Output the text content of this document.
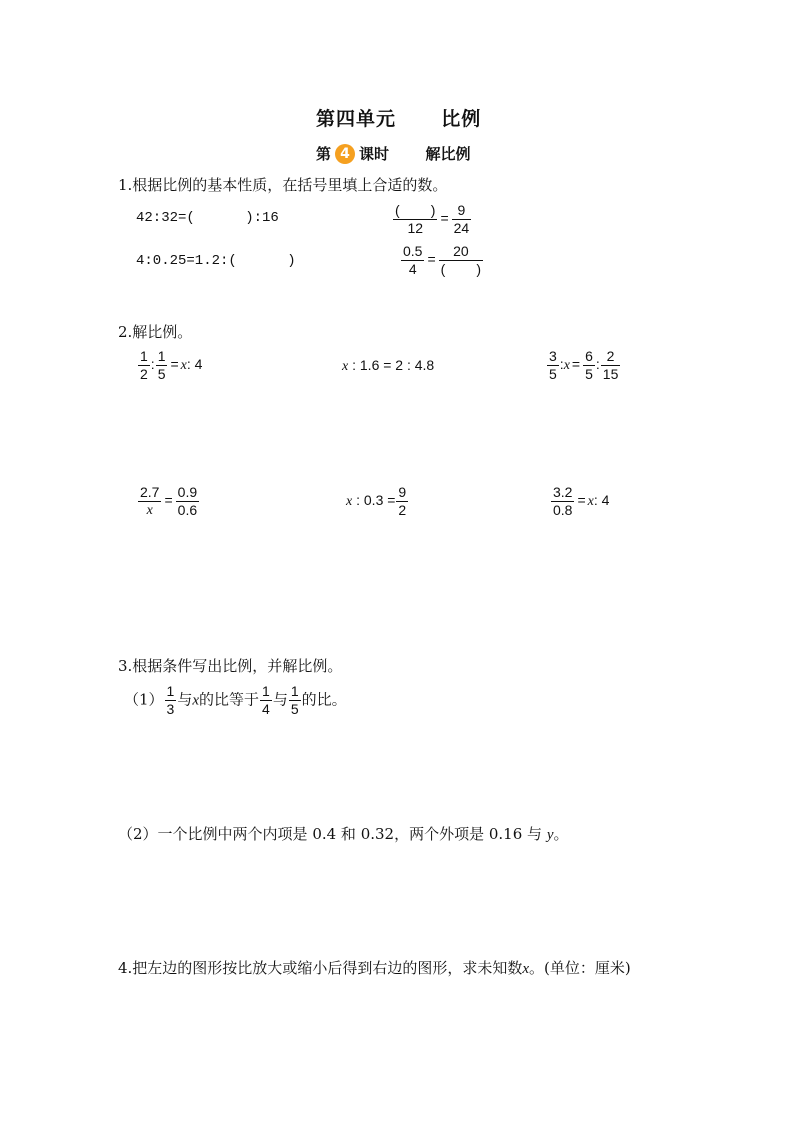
第四单元 比例
第 4 课时 解比例
1.根据比例的基本性质，在括号里填上合适的数。
42:32=(      ):16
4:0.25=1.2:(      )
$\frac{( )}{12} = \frac{9}{24}$
$\frac{0.5}{4} = \frac{20}{( )}$
2.解比例。
$\frac{1}{2}$ : $\frac{1}{5} = x$: 4	x : 1.6 = 2 : 4.8	$\frac{3}{5}$ :x = $\frac{6}{5}$ : $\frac{2}{15}$
$\frac{2.7}{x} = \frac{0.9}{0.6}$	x : $0.3 = \frac{9}{2}$	$\frac{3.2}{0.8} = x$: 4
3.根据条件写出比例，并解比例。
$(1) \frac{1}{3}$ 与x的比等于 $\frac{1}{4}$ 与 $\frac{1}{5}$ 的比。
（2）一个比例中两个内项是 0.4 和 0.32，两个外项是 0.16 与 y。
4.把左边的图形按比放大或缩小后得到右边的图形，求未知数x。(单位：厘米)
